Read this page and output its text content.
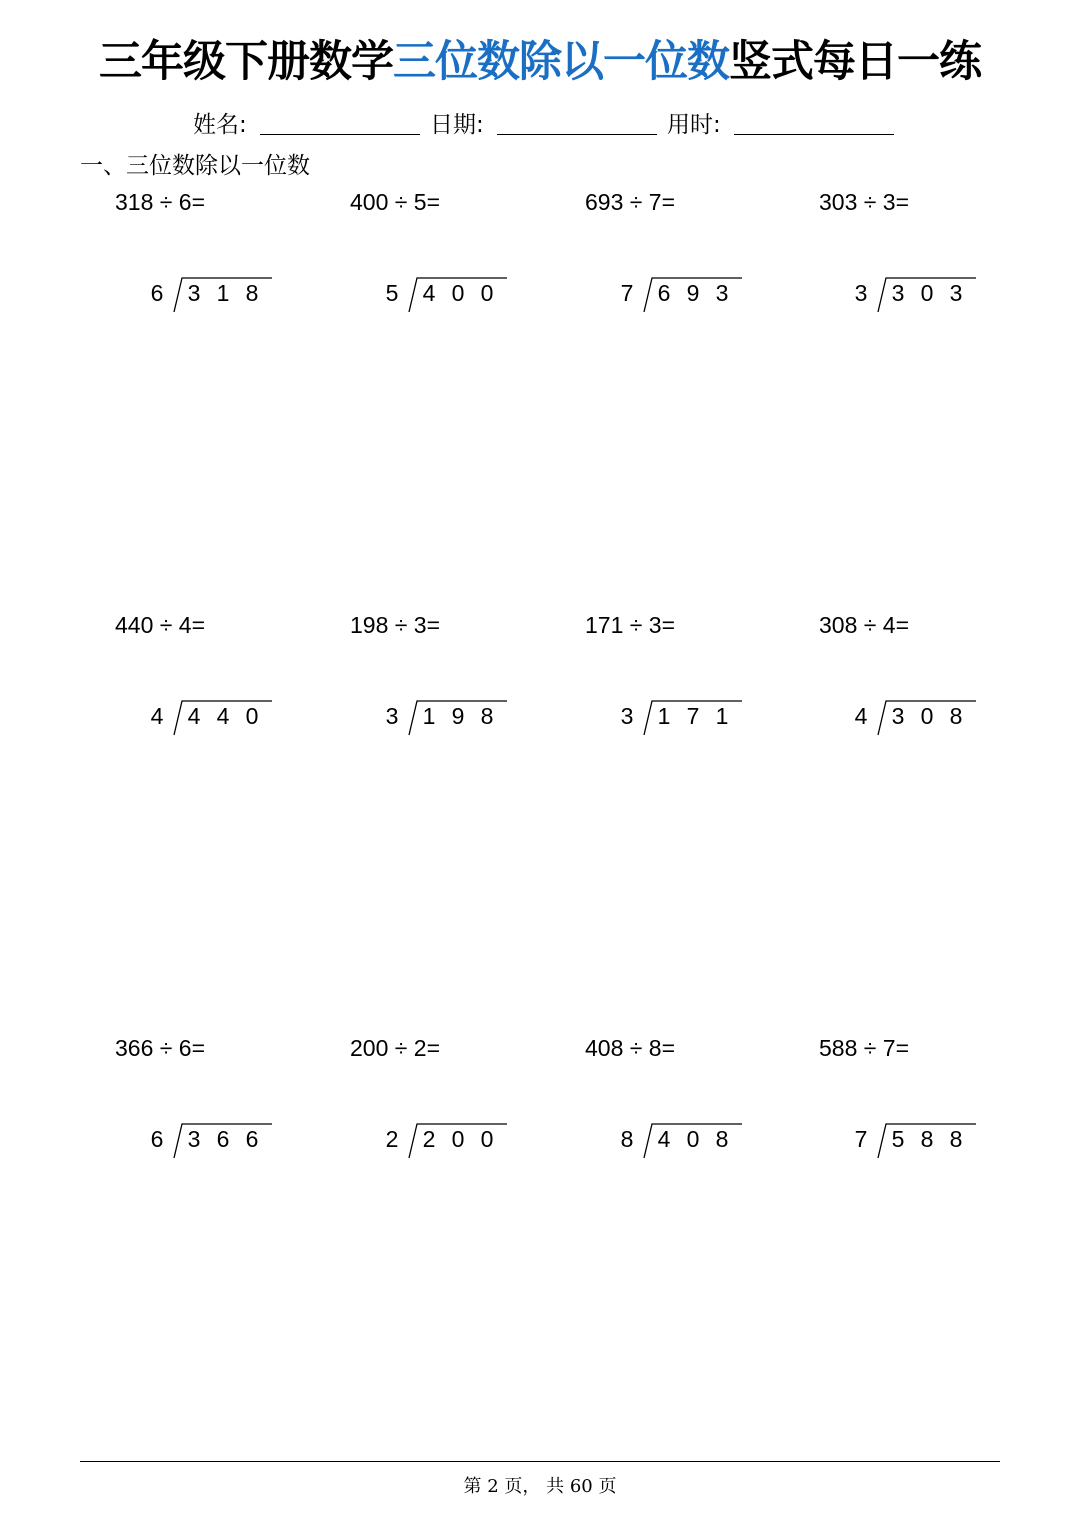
三年级下册数学三位数除以一位数竖式每日一练
姓名:	日期:	用时:
一、三位数除以一位数
318 ÷ 6=
6 3 1 8
400 ÷ 5=
5 4 0 0
693 ÷ 7=
7 6 9 3
303 ÷ 3=
3 3 0 3
440 ÷ 4=
4 4 4 0
198 ÷ 3=
3 1 9 8
171 ÷ 3=
3 1 7 1
308 ÷ 4=
4 3 0 8
366 ÷ 6=
6 3 6 6
200 ÷ 2=
2 2 0 0
408 ÷ 8=
8 4 0 8
588 ÷ 7=
7 5 8 8
第 2 页， 共 60 页
